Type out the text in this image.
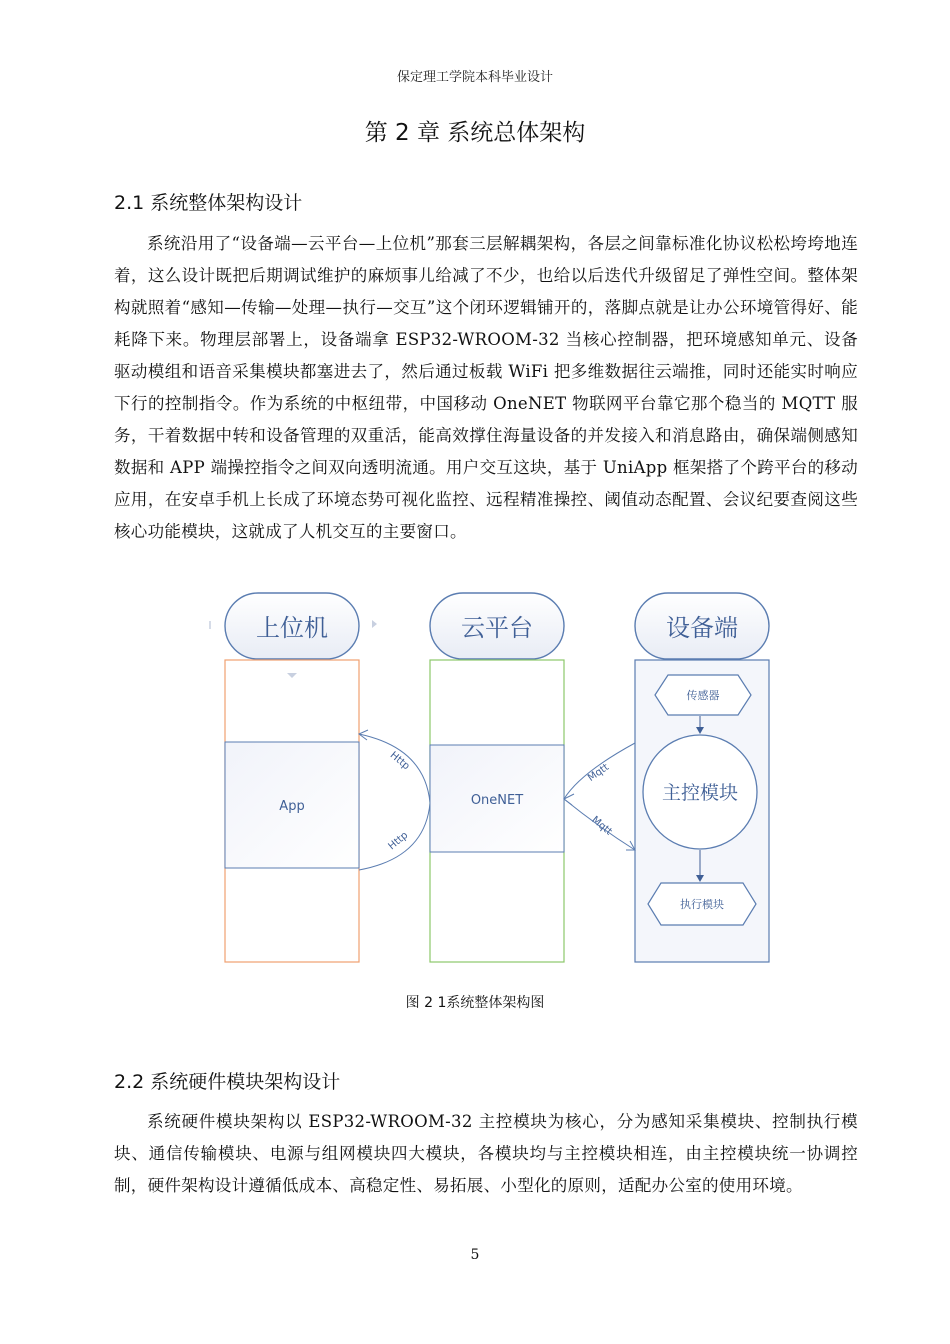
保定理工学院本科毕业设计
第 2 章 系统总体架构
2.1 系统整体架构设计
系统沿用了“设备端—云平台—上位机”那套三层解耦架构，各层之间靠标准化协议松松垮垮地连着，这么设计既把后期调试维护的麻烦事儿给减了不少，也给以后迭代升级留足了弹性空间。整体架构就照着“感知—传输—处理—执行—交互”这个闭环逻辑铺开的，落脚点就是让办公环境管得好、能耗降下来。物理层部署上，设备端拿 ESP32-WROOM-32 当核心控制器，把环境感知单元、设备驱动模组和语音采集模块都塞进去了，然后通过板载 WiFi 把多维数据往云端推，同时还能实时响应下行的控制指令。作为系统的中枢纽带，中国移动 OneNET 物联网平台靠它那个稳当的 MQTT 服务，干着数据中转和设备管理的双重活，能高效撑住海量设备的并发接入和消息路由，确保端侧感知数据和 APP 端操控指令之间双向透明流通。用户交互这块，基于 UniApp 框架搭了个跨平台的移动应用，在安卓手机上长成了环境态势可视化监控、远程精准操控、阈值动态配置、会议纪要查阅这些核心功能模块，这就成了人机交互的主要窗口。
上位机	云平台	设备端
App	OneNET
传感器
主控模块
执行模块
Http
Http
Mqtt
Mqtt
图 2 1系统整体架构图
2.2 系统硬件模块架构设计
系统硬件模块架构以 ESP32-WROOM-32 主控模块为核心，分为感知采集模块、控制执行模块、通信传输模块、电源与组网模块四大模块，各模块均与主控模块相连，由主控模块统一协调控制，硬件架构设计遵循低成本、高稳定性、易拓展、小型化的原则，适配办公室的使用环境。
5
